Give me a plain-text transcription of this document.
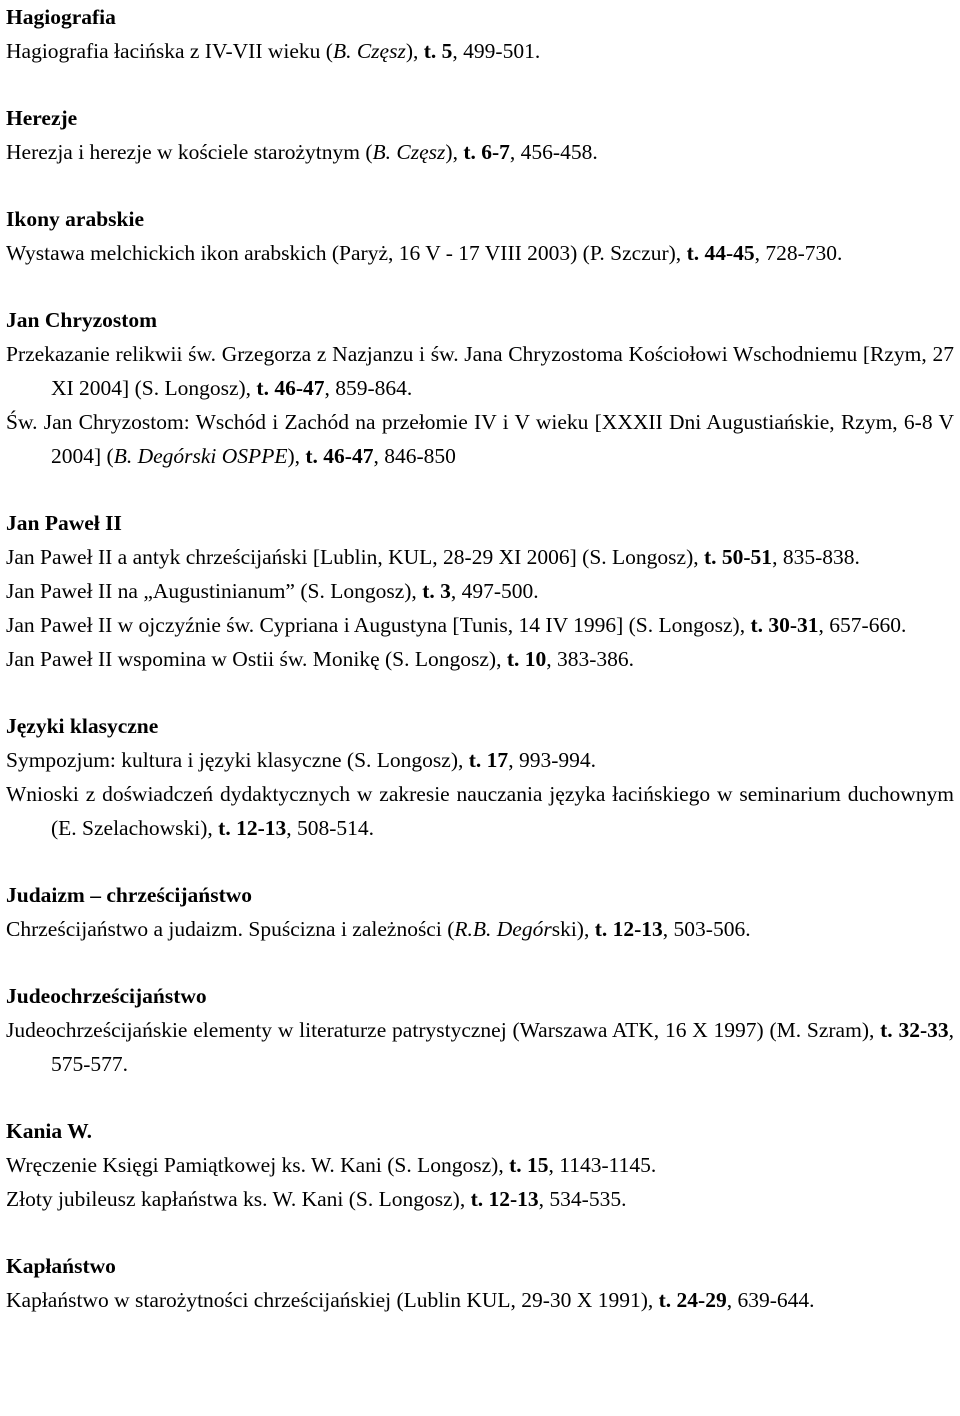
Hagiografia
Hagiografia łacińska z IV-VII wieku (B. Częsz), t. 5, 499-501.
Herezje
Herezja i herezje w kościele starożytnym (B. Częsz), t. 6-7, 456-458.
Ikony arabskie
Wystawa melchickich ikon arabskich (Paryż, 16 V - 17 VIII 2003) (P. Szczur), t. 44-45, 728-730.
Jan Chryzostom
Przekazanie relikwii św. Grzegorza z Nazjanzu i św. Jana Chryzostoma Kościołowi Wschodniemu [Rzym, 27 XI 2004] (S. Longosz), t. 46-47, 859-864.
Św. Jan Chryzostom: Wschód i Zachód na przełomie IV i V wieku [XXXII Dni Augustiańskie, Rzym, 6-8 V 2004] (B. Degórski OSPPE), t. 46-47, 846-850
Jan Paweł II
Jan Paweł II a antyk chrześcijański [Lublin, KUL, 28-29 XI 2006] (S. Longosz), t. 50-51, 835-838.
Jan Paweł II na „Augustinianum” (S. Longosz), t. 3, 497-500.
Jan Paweł II w ojczyźnie św. Cypriana i Augustyna [Tunis, 14 IV 1996] (S. Longosz), t. 30-31, 657-660.
Jan Paweł II wspomina w Ostii św. Monikę (S. Longosz), t. 10, 383-386.
Języki klasyczne
Sympozjum: kultura i języki klasyczne (S. Longosz), t. 17, 993-994.
Wnioski z doświadczeń dydaktycznych w zakresie nauczania języka łacińskiego w seminarium duchownym (E. Szelachowski), t. 12-13, 508-514.
Judaizm – chrześcijaństwo
Chrześcijaństwo a judaizm. Spuścizna i zależności (R.B. Degórski), t. 12-13, 503-506.
Judeochrześcijaństwo
Judeochrześcijańskie elementy w literaturze patrystycznej (Warszawa ATK, 16 X 1997) (M. Szram), t. 32-33, 575-577.
Kania W.
Wręczenie Księgi Pamiątkowej ks. W. Kani (S. Longosz), t. 15, 1143-1145.
Złoty jubileusz kapłaństwa ks. W. Kani (S. Longosz), t. 12-13, 534-535.
Kapłaństwo
Kapłaństwo w starożytności chrześcijańskiej (Lublin KUL, 29-30 X 1991), t. 24-29, 639-644.
